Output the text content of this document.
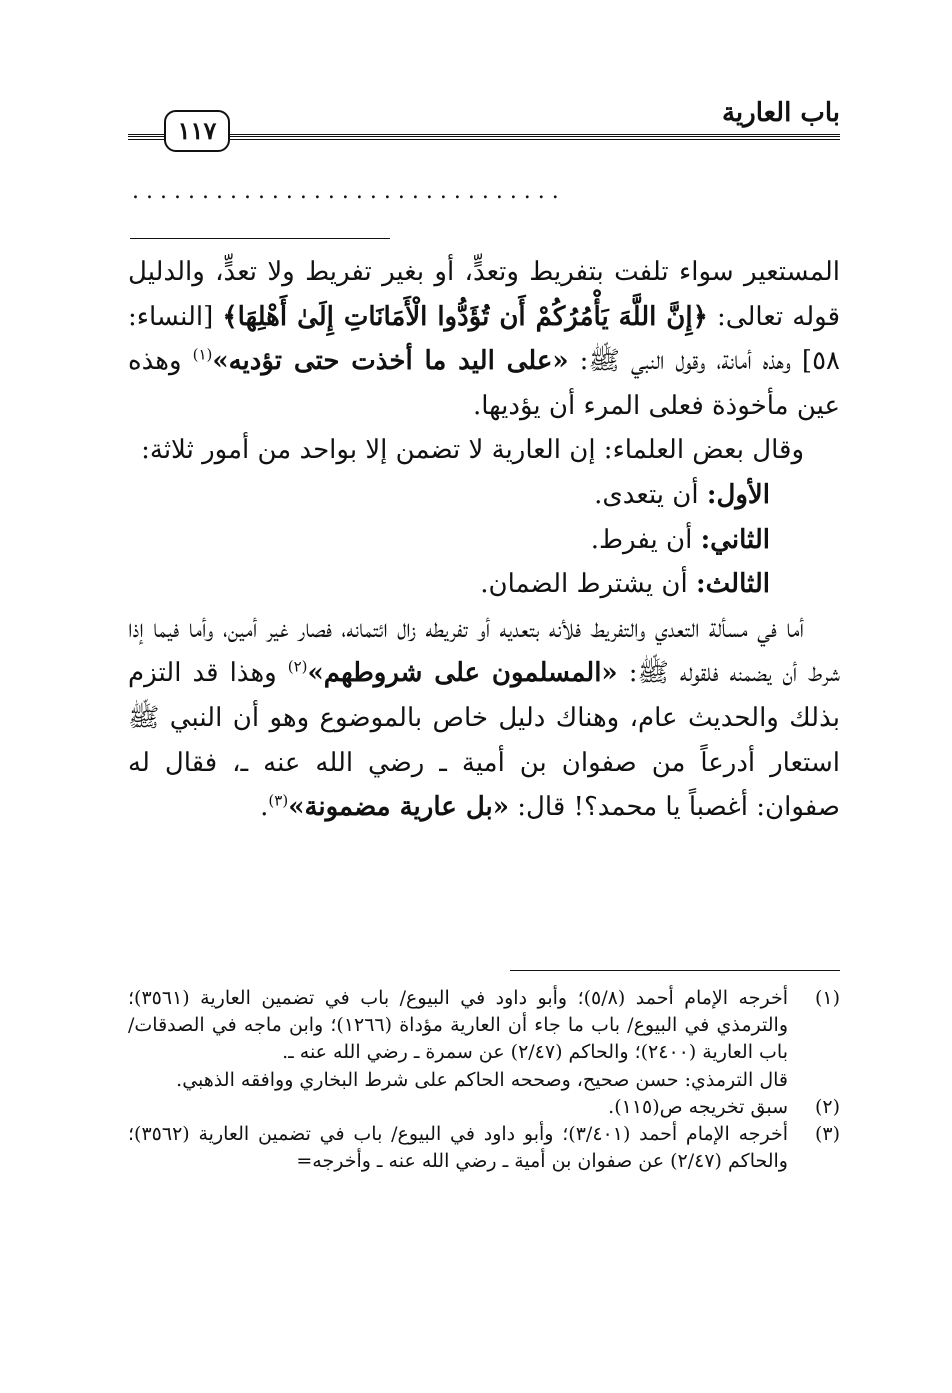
باب العارية
١١٧
...............................

المستعير سواء تلفت بتفريط وتعدٍّ، أو بغير تفريط ولا تعدٍّ، والدليل قوله تعالى: ﴿إِنَّ اللَّهَ يَأْمُرُكُمْ أَن تُؤَدُّوا الْأَمَانَاتِ إِلَىٰ أَهْلِهَا﴾ [النساء: ٥٨] وهذه أمانة، وقول النبي ﷺ: «على اليد ما أخذت حتى تؤديه»$^{(١)}$ وهذه عين مأخوذة فعلى المرء أن يؤديها.

وقال بعض العلماء: إن العارية لا تضمن إلا بواحد من أمور ثلاثة:

الأول: أن يتعدى.

الثاني: أن يفرط.

الثالث: أن يشترط الضمان.

أما في مسألة التعدي والتفريط فلأنه بتعديه أو تفريطه زال ائتمانه، فصار غير أمين، وأما فيما إذا شرط أن يضمنه فلقوله ﷺ: «المسلمون على شروطهم»$^{(٢)}$ وهذا قد التزم بذلك والحديث عام، وهناك دليل خاص بالموضوع وهو أن النبي ﷺ استعار أدرعاً من صفوان بن أمية ـ رضي الله عنه ـ، فقال له صفوان: أغصباً يا محمد؟! قال: «بل عارية مضمونة»$^{(٣)}$.

(١)
أخرجه الإمام أحمد (٥/٨)؛ وأبو داود في البيوع/ باب في تضمين العارية (٣٥٦١)؛ والترمذي في البيوع/ باب ما جاء أن العارية مؤداة (١٢٦٦)؛ وابن ماجه في الصدقات/ باب العارية (٢٤٠٠)؛ والحاكم (٢/٤٧) عن سمرة ـ رضي الله عنه ـ.
قال الترمذي: حسن صحيح، وصححه الحاكم على شرط البخاري ووافقه الذهبي.
(٢)
سبق تخريجه ص(١١٥).
(٣)
أخرجه الإمام أحمد (٣/٤٠١)؛ وأبو داود في البيوع/ باب في تضمين العارية (٣٥٦٢)؛ والحاكم (٢/٤٧) عن صفوان بن أمية ـ رضي الله عنه ـ وأخرجه=
